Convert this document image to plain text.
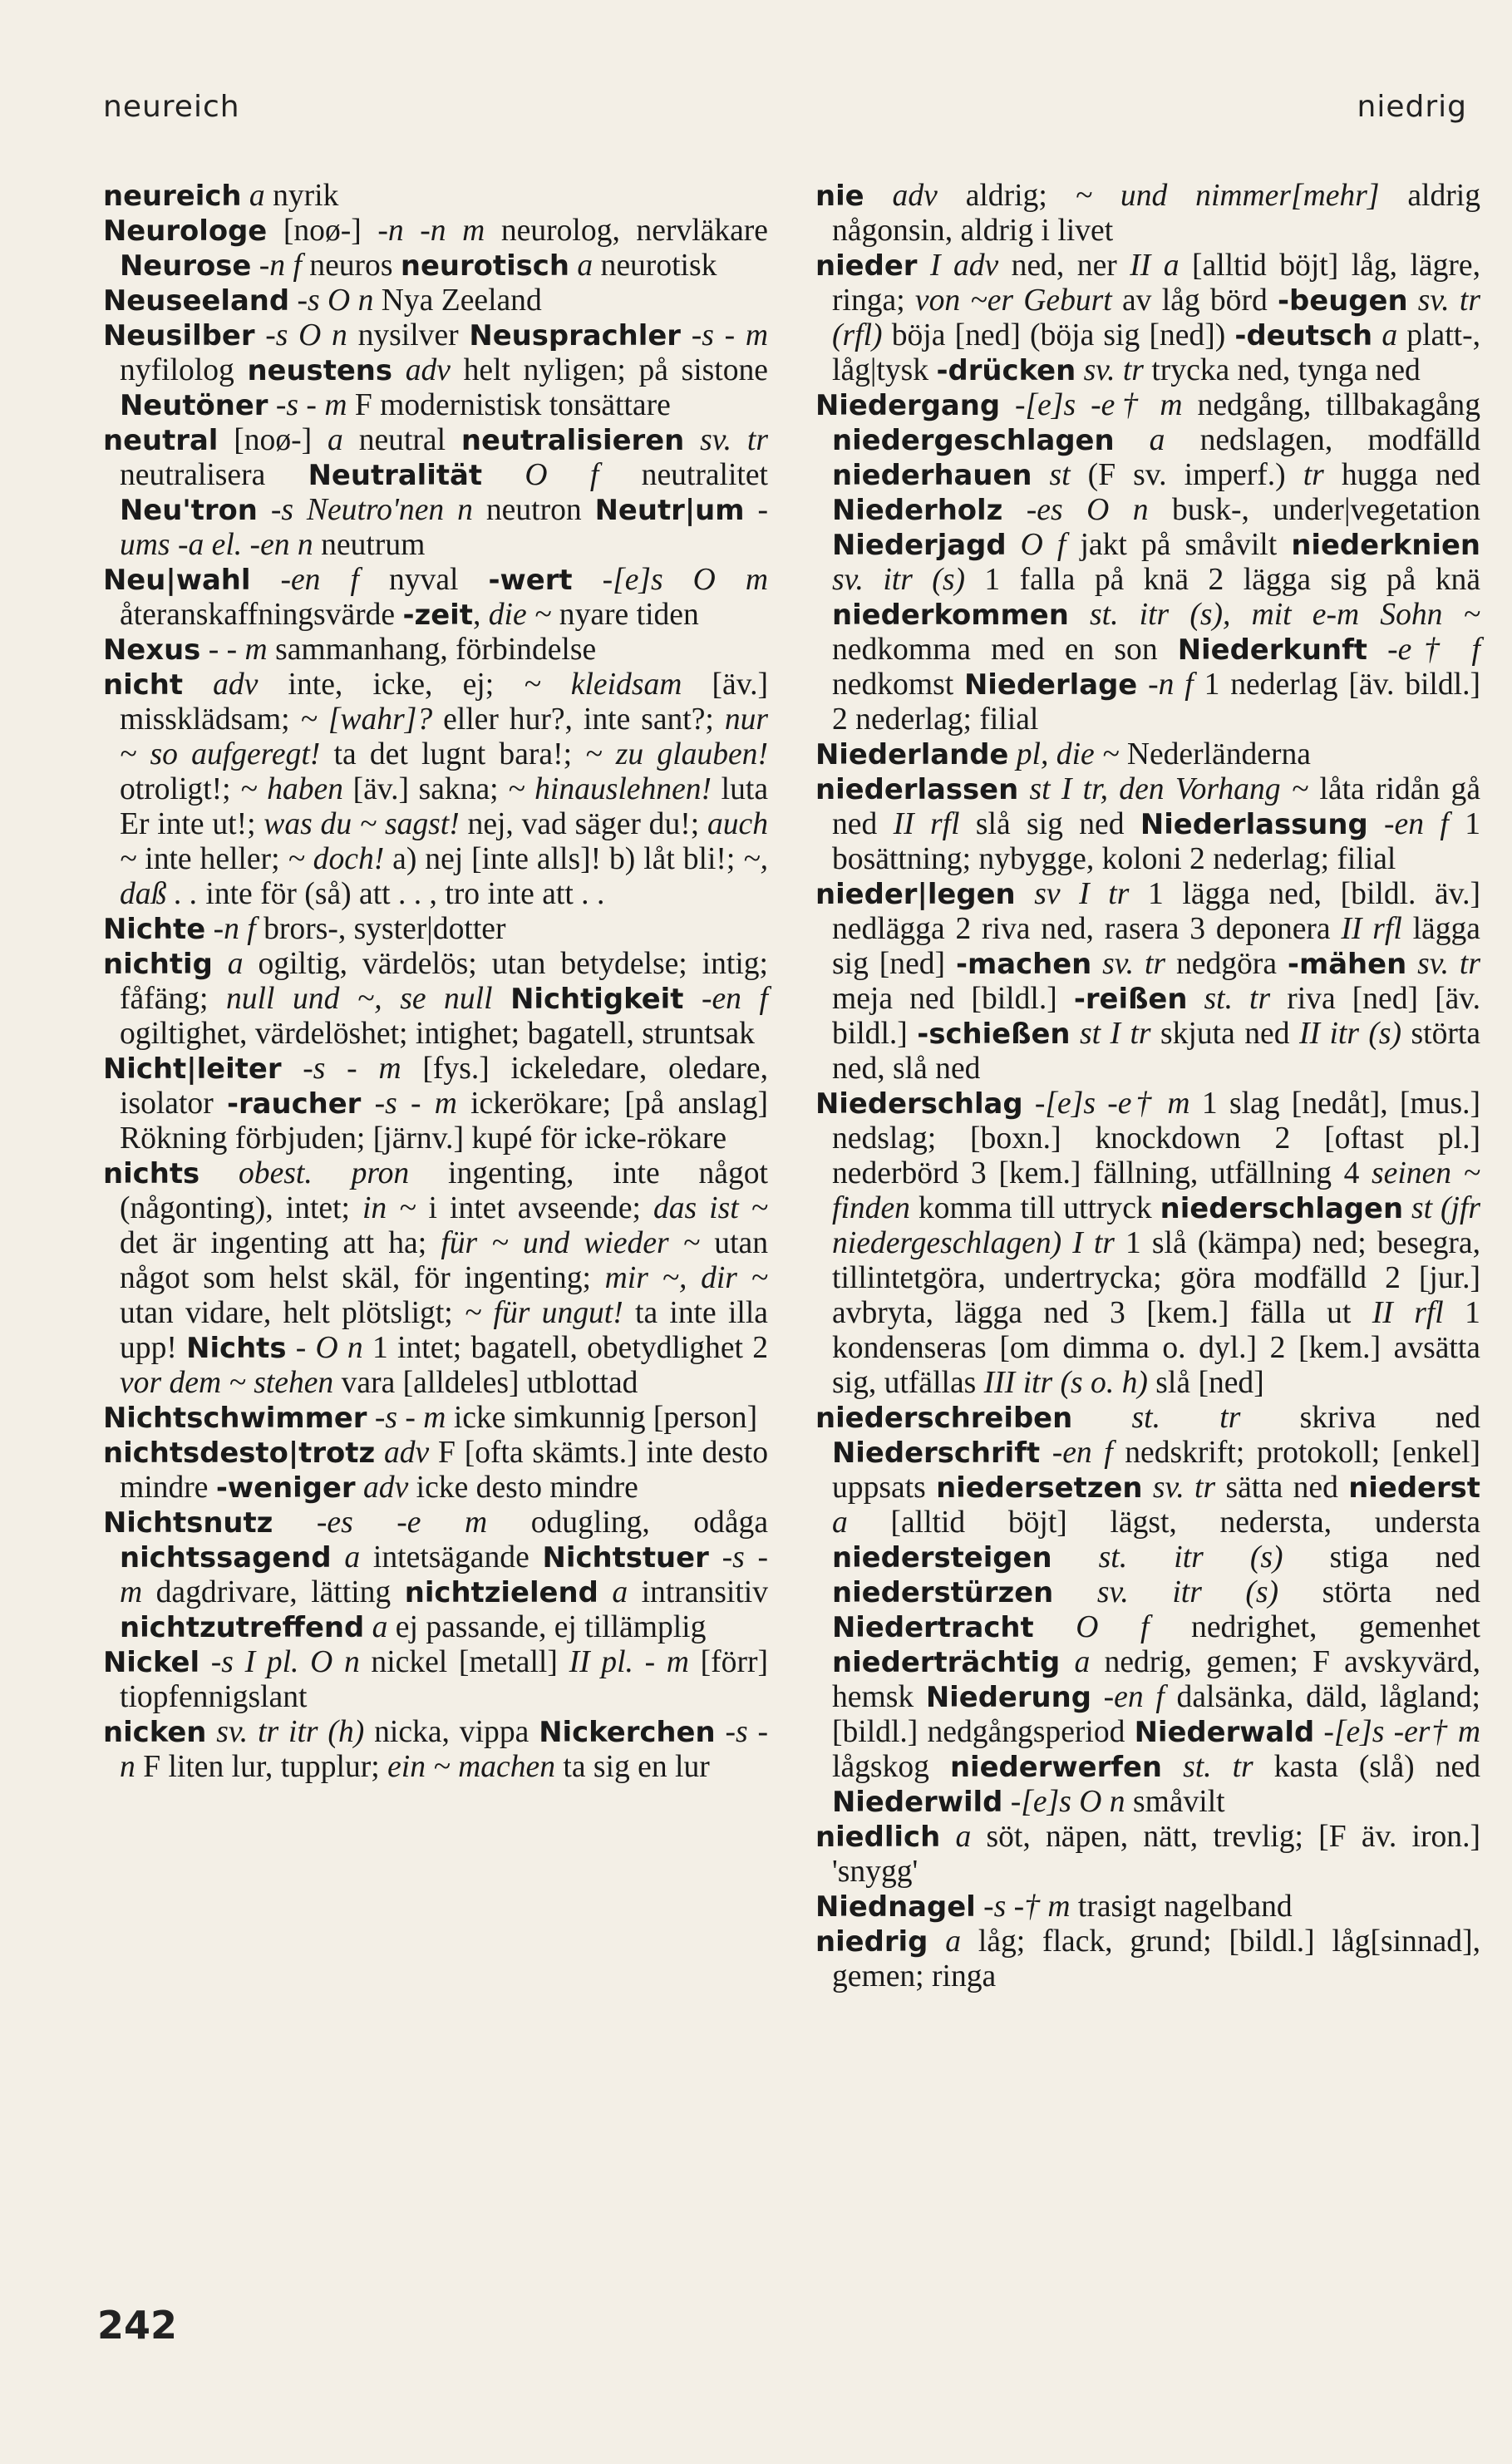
neureich	niedrig

neureich a nyrik

Neurologe [noø-] -n -n m neurolog, nervläkare Neurose -n f neuros neurotisch a neurotisk

Neuseeland -s O n Nya Zeeland

Neusilber -s O n nysilver Neusprachler -s - m nyfilolog neustens adv helt nyligen; på sistone Neutöner -s - m F modernistisk tonsättare

neutral [noø-] a neutral neutralisieren sv. tr neutralisera Neutralität O f neutralitet Neu'tron -s Neutro'nen n neutron Neutr|um -ums -a el. -en n neutrum

Neu|wahl -en f nyval -wert -[e]s O m återanskaffningsvärde -zeit, die ~ nyare tiden

Nexus - - m sammanhang, förbindelse

nicht adv inte, icke, ej; ~ kleidsam [äv.] missklädsam; ~ [wahr]? eller hur?, inte sant?; nur ~ so aufgeregt! ta det lugnt bara!; ~ zu glauben! otroligt!; ~ haben [äv.] sakna; ~ hinauslehnen! luta Er inte ut!; was du ~ sagst! nej, vad säger du!; auch ~ inte heller; ~ doch! a) nej [inte alls]! b) låt bli!; ~, daß . . inte för (så) att . . , tro inte att . .

Nichte -n f brors-, syster|dotter

nichtig a ogiltig, värdelös; utan betydelse; intig; fåfäng; null und ~, se null Nichtigkeit -en f ogiltighet, värdelöshet; intighet; bagatell, struntsak

Nicht|leiter -s - m [fys.] ickeledare, oledare, isolator -raucher -s - m ickerökare; [på anslag] Rökning förbjuden; [järnv.] kupé för icke-rökare

nichts obest. pron ingenting, inte något (någonting), intet; in ~ i intet avseende; das ist ~ det är ingenting att ha; für ~ und wieder ~ utan något som helst skäl, för ingenting; mir ~, dir ~ utan vidare, helt plötsligt; ~ für ungut! ta inte illa upp! Nichts - O n 1 intet; bagatell, obetydlighet 2 vor dem ~ stehen vara [alldeles] utblottad

Nichtschwimmer -s - m icke simkunnig [person]

nichtsdesto|trotz adv F [ofta skämts.] inte desto mindre -weniger adv icke desto mindre

Nichtsnutz -es -e m odugling, odåga nichtssagend a intetsägande Nichtstuer -s - m dagdrivare, lätting nichtzielend a intransitiv nichtzutreffend a ej passande, ej tillämplig

Nickel -s I pl. O n nickel [metall] II pl. - m [förr] tiopfennigslant

nicken sv. tr itr (h) nicka, vippa Nickerchen -s - n F liten lur, tupplur; ein ~ machen ta sig en lur

nie adv aldrig; ~ und nimmer[mehr] aldrig någonsin, aldrig i livet

nieder I adv ned, ner II a [alltid böjt] låg, lägre, ringa; von ~er Geburt av låg börd -beugen sv. tr (rfl) böja [ned] (böja sig [ned]) -deutsch a platt-, låg|tysk -drücken sv. tr trycka ned, tynga ned

Niedergang -[e]s -e† m nedgång, tillbakagång niedergeschlagen a nedslagen, modfälld niederhauen st (F sv. imperf.) tr hugga ned Niederholz -es O n busk-, under|vegetation Niederjagd O f jakt på småvilt niederknien sv. itr (s) 1 falla på knä 2 lägga sig på knä niederkommen st. itr (s), mit e-m Sohn ~ nedkomma med en son Niederkunft -e† f nedkomst Niederlage -n f 1 nederlag [äv. bildl.] 2 nederlag; filial

Niederlande pl, die ~ Nederländerna

niederlassen st I tr, den Vorhang ~ låta ridån gå ned II rfl slå sig ned Niederlassung -en f 1 bosättning; nybygge, koloni 2 nederlag; filial

nieder|legen sv I tr 1 lägga ned, [bildl. äv.] nedlägga 2 riva ned, rasera 3 deponera II rfl lägga sig [ned] -machen sv. tr nedgöra -mähen sv. tr meja ned [bildl.] -reißen st. tr riva [ned] [äv. bildl.] -schießen st I tr skjuta ned II itr (s) störta ned, slå ned

Niederschlag -[e]s -e† m 1 slag [nedåt], [mus.] nedslag; [boxn.] knockdown 2 [oftast pl.] nederbörd 3 [kem.] fällning, utfällning 4 seinen ~ finden komma till uttryck niederschlagen st (jfr niedergeschlagen) I tr 1 slå (kämpa) ned; besegra, tillintetgöra, undertrycka; göra modfälld 2 [jur.] avbryta, lägga ned 3 [kem.] fälla ut II rfl 1 kondenseras [om dimma o. dyl.] 2 [kem.] avsätta sig, utfällas III itr (s o. h) slå [ned]

niederschreiben st. tr skriva ned Niederschrift -en f nedskrift; protokoll; [enkel] uppsats niedersetzen sv. tr sätta ned niederst a [alltid böjt] lägst, nedersta, understa niedersteigen st. itr (s) stiga ned niederstürzen sv. itr (s) störta ned Niedertracht O f nedrighet, gemenhet niederträchtig a nedrig, gemen; F avskyvärd, hemsk Niederung -en f dalsänka, däld, lågland; [bildl.] nedgångsperiod Niederwald -[e]s -er† m lågskog niederwerfen st. tr kasta (slå) ned Niederwild -[e]s O n småvilt

niedlich a söt, näpen, nätt, trevlig; [F äv. iron.] 'snygg'

Niednagel -s -† m trasigt nagelband

niedrig a låg; flack, grund; [bildl.] låg[sinnad], gemen; ringa

242
